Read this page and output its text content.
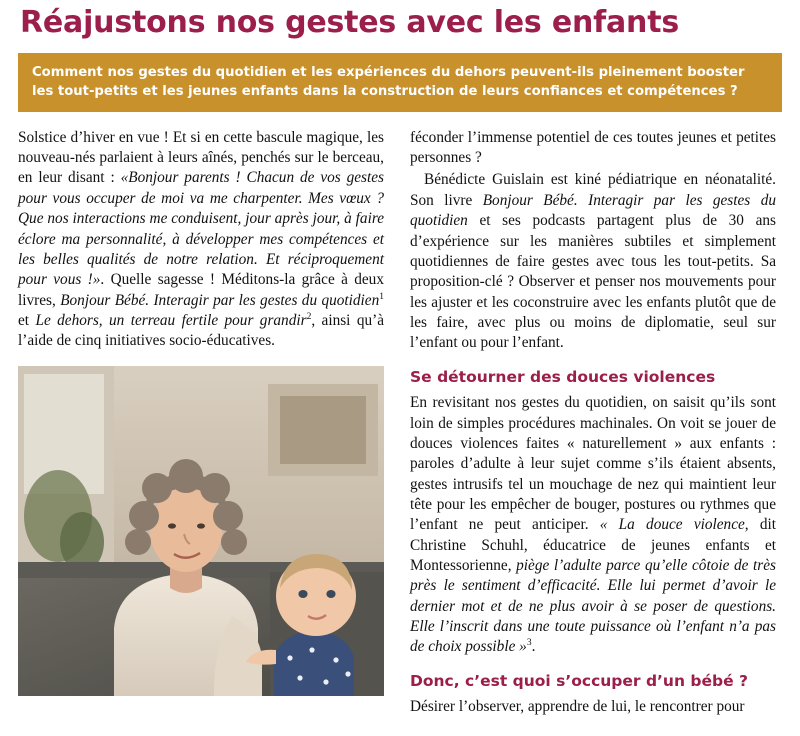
Réajustons nos gestes avec les enfants
Comment nos gestes du quotidien et les expériences du dehors peuvent-ils pleinement booster les tout-petits et les jeunes enfants dans la construction de leurs confiances et compétences ?

Solstice d’hiver en vue ! Et si en cette bascule magique, les nouveau-nés parlaient à leurs aînés, penchés sur le berceau, en leur disant : «Bonjour parents ! Chacun de vos gestes pour vous occuper de moi va me charpenter. Mes vœux ? Que nos interactions me conduisent, jour après jour, à faire éclore ma personnalité, à développer mes compétences et les belles qualités de notre relation. Et réciproquement pour vous !». Quelle sagesse ! Méditons-la grâce à deux livres, Bonjour Bébé. Interagir par les gestes du quotidien$^1$ et Le dehors, un terreau fertile pour grandir$^2$, ainsi qu’à l’aide de cinq initiatives socio-éducatives.

féconder l’immense potentiel de ces toutes jeunes et petites personnes ?

Bénédicte Guislain est kiné pédiatrique en néonatalité. Son livre Bonjour Bébé. Interagir par les gestes du quotidien et ses podcasts partagent plus de 30 ans d’expérience sur les manières subtiles et simplement quotidiennes de faire gestes avec tous les tout-petits. Sa proposition-clé ? Observer et penser nos mouvements pour les ajuster et les coconstruire avec les enfants plutôt que de les faire, avec plus ou moins de diplomatie, seul sur l’enfant ou pour l’enfant.

Se détourner des douces violences

En revisitant nos gestes du quotidien, on saisit qu’ils sont loin de simples procédures machinales. On voit se jouer de douces violences faites « naturellement » aux enfants : paroles d’adulte à leur sujet comme s’ils étaient absents, gestes intrusifs tel un mouchage de nez qui maintient leur tête pour les empêcher de bouger, postures ou rythmes que l’enfant ne peut anticiper. « La douce violence, dit Christine Schuhl, éducatrice de jeunes enfants et Montessorienne, piège l’adulte parce qu’elle côtoie de très près le sentiment d’efficacité. Elle lui permet d’avoir le dernier mot et de ne plus avoir à se poser de questions. Elle l’inscrit dans une toute puissance où l’enfant n’a pas de choix possible »$^3$.

Donc, c’est quoi s’occuper d’un bébé ?

Désirer l’observer, apprendre de lui, le rencontrer pour
